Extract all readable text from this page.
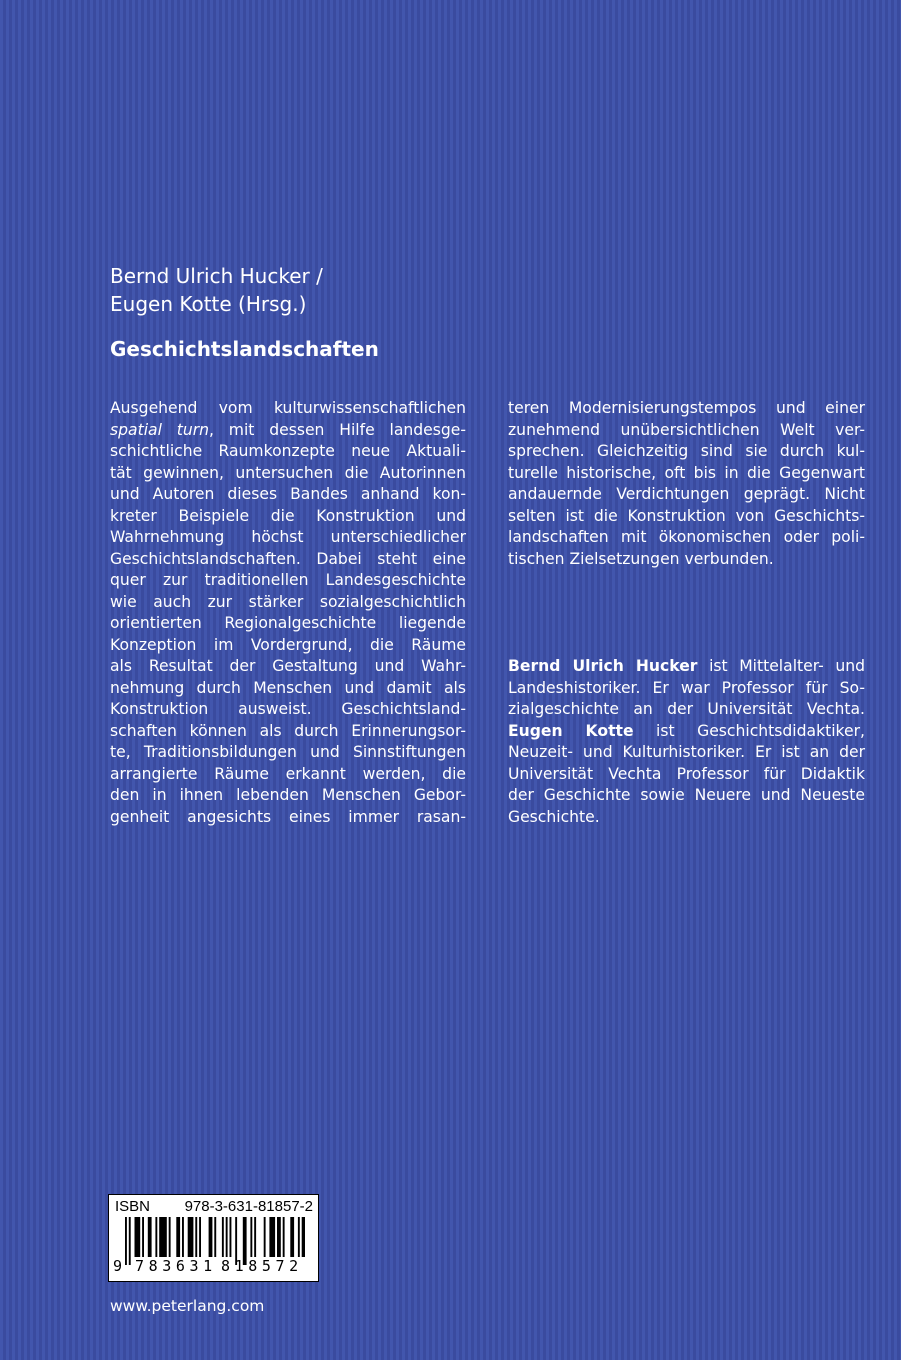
Bernd Ulrich Hucker /
Eugen Kotte (Hrsg.)
Geschichtslandschaften
Ausgehend vom kulturwissenschaftlichen
spatial turn, mit dessen Hilfe landesge-
schichtliche Raumkonzepte neue Aktuali-
tät gewinnen, untersuchen die Autorinnen
und Autoren dieses Bandes anhand kon-
kreter Beispiele die Konstruktion und
Wahrnehmung höchst unterschiedlicher
Geschichtslandschaften. Dabei steht eine
quer zur traditionellen Landesgeschichte
wie auch zur stärker sozialgeschichtlich
orientierten Regionalgeschichte liegende
Konzeption im Vordergrund, die Räume
als Resultat der Gestaltung und Wahr-
nehmung durch Menschen und damit als
Konstruktion ausweist. Geschichtsland-
schaften können als durch Erinnerungsor-
te, Traditionsbildungen und Sinnstiftungen
arrangierte Räume erkannt werden, die
den in ihnen lebenden Menschen Gebor-
genheit angesichts eines immer rasan-
teren Modernisierungstempos und einer
zunehmend unübersichtlichen Welt ver-
sprechen. Gleichzeitig sind sie durch kul-
turelle historische, oft bis in die Gegenwart
andauernde Verdichtungen geprägt. Nicht
selten ist die Konstruktion von Geschichts-
landschaften mit ökonomischen oder poli-
tischen Zielsetzungen verbunden.
Bernd Ulrich Hucker ist Mittelalter- und
Landeshistoriker. Er war Professor für So-
zialgeschichte an der Universität Vechta.
Eugen Kotte ist Geschichtsdidaktiker,
Neuzeit- und Kulturhistoriker. Er ist an der
Universität Vechta Professor für Didaktik
der Geschichte sowie Neuere und Neueste
Geschichte.
ISBN 978-3-631-81857-2
9 783631 818572
www.peterlang.com
